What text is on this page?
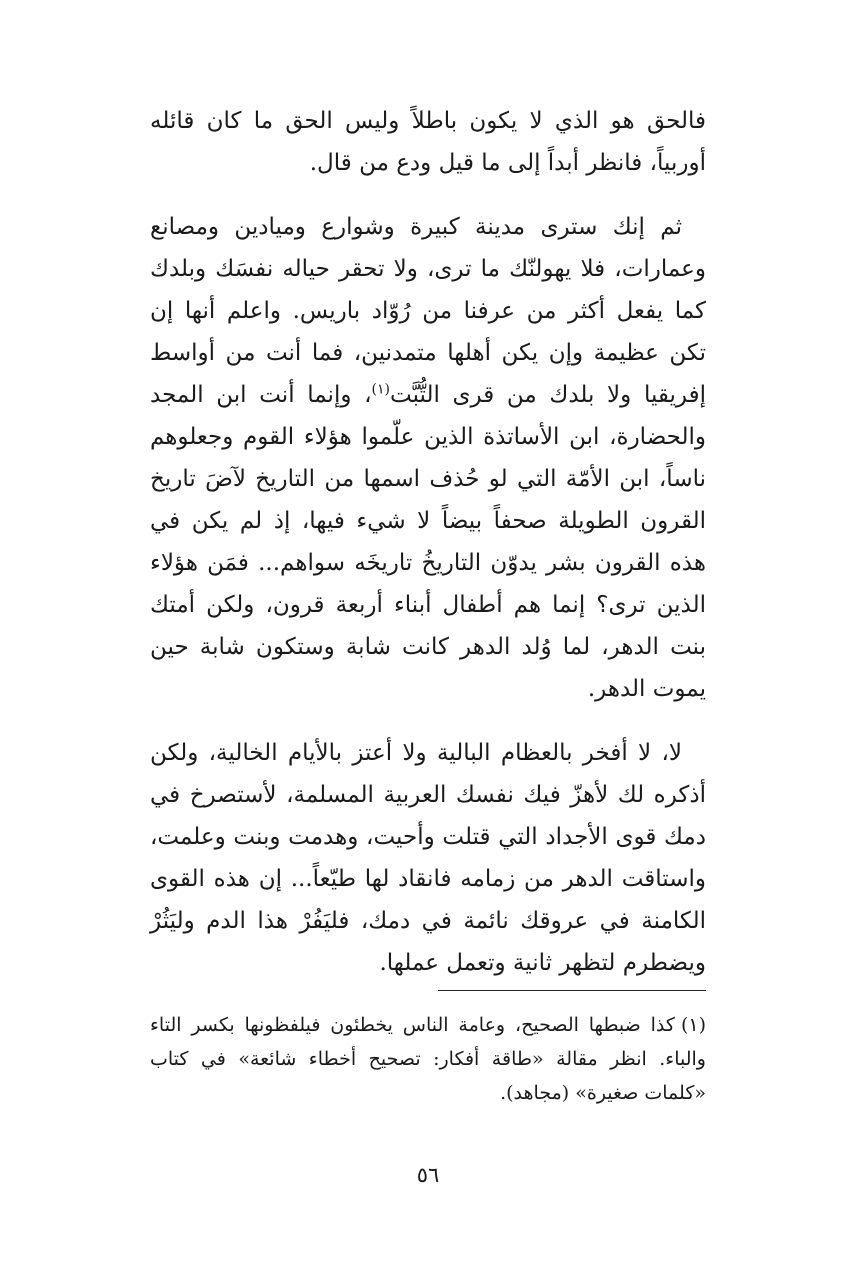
فالحق هو الذي لا يكون باطلاً وليس الحق ما كان قائله أوربياً، فانظر أبداً إلى ما قيل ودع من قال.

ثم إنك سترى مدينة كبيرة وشوارع وميادين ومصانع وعمارات، فلا يهولنّك ما ترى، ولا تحقر حياله نفسَك وبلدك كما يفعل أكثر من عرفنا من رُوّاد باريس. واعلم أنها إن تكن عظيمة وإن يكن أهلها متمدنين، فما أنت من أواسط إفريقيا ولا بلدك من قرى التُّبَّت$^{(١)}$، وإنما أنت ابن المجد والحضارة، ابن الأساتذة الذين علّموا هؤلاء القوم وجعلوهم ناساً، ابن الأمّة التي لو حُذف اسمها من التاريخ لآضَ تاريخ القرون الطويلة صحفاً بيضاً لا شيء فيها، إذ لم يكن في هذه القرون بشر يدوّن التاريخُ تاريخَه سواهم... فمَن هؤلاء الذين ترى؟ إنما هم أطفال أبناء أربعة قرون، ولكن أمتك بنت الدهر، لما وُلد الدهر كانت شابة وستكون شابة حين يموت الدهر.

لا، لا أفخر بالعظام البالية ولا أعتز بالأيام الخالية، ولكن أذكره لك لأهزّ فيك نفسك العربية المسلمة، لأستصرخ في دمك قوى الأجداد التي قتلت وأحيت، وهدمت وبنت وعلمت، واستاقت الدهر من زمامه فانقاد لها طيّعاً... إن هذه القوى الكامنة في عروقك نائمة في دمك، فليَفُرْ هذا الدم وليَثُرْ ويضطرم لتظهر ثانية وتعمل عملها.

(١)كذا ضبطها الصحيح، وعامة الناس يخطئون فيلفظونها بكسر التاء والباء. انظر مقالة «طاقة أفكار: تصحيح أخطاء شائعة» في كتاب «كلمات صغيرة» (مجاهد).
٥٦
